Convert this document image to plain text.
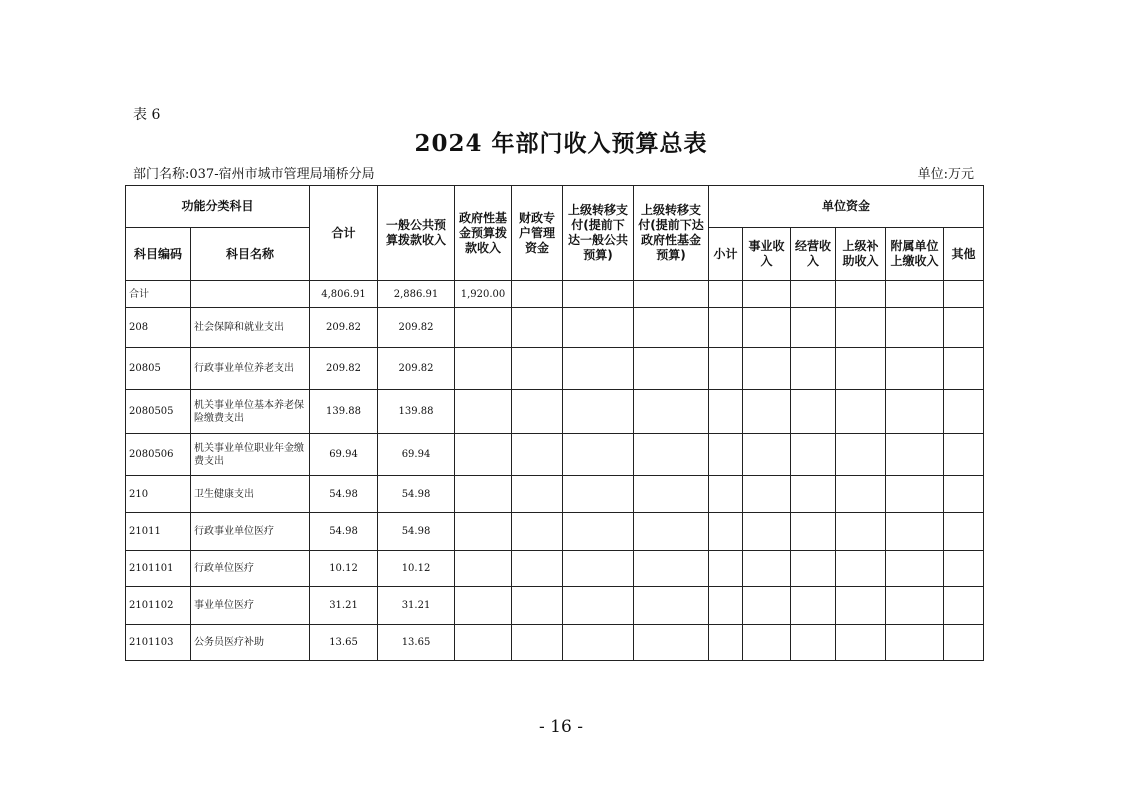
表 6
2024 年部门收入预算总表
部门名称:037-宿州市城市管理局埇桥分局	单位:万元
功能分类科目		合计	一般公共预算拨款收入	政府性基金预算拨款收入	财政专户管理资金	上级转移支付(提前下达一般公共预算)	上级转移支付(提前下达政府性基金预算)	单位资金					
科目编码	科目名称							小计	事业收入	经营收入	上级补助收入	附属单位上缴收入	其他
合计		4,806.91	2,886.91	1,920.00									
208	社会保障和就业支出	209.82	209.82										
20805	行政事业单位养老支出	209.82	209.82										
2080505	机关事业单位基本养老保险缴费支出	139.88	139.88										
2080506	机关事业单位职业年金缴费支出	69.94	69.94										
210	卫生健康支出	54.98	54.98										
21011	行政事业单位医疗	54.98	54.98										
2101101	行政单位医疗	10.12	10.12										
2101102	事业单位医疗	31.21	31.21										
2101103	公务员医疗补助	13.65	13.65										
- 16 -
